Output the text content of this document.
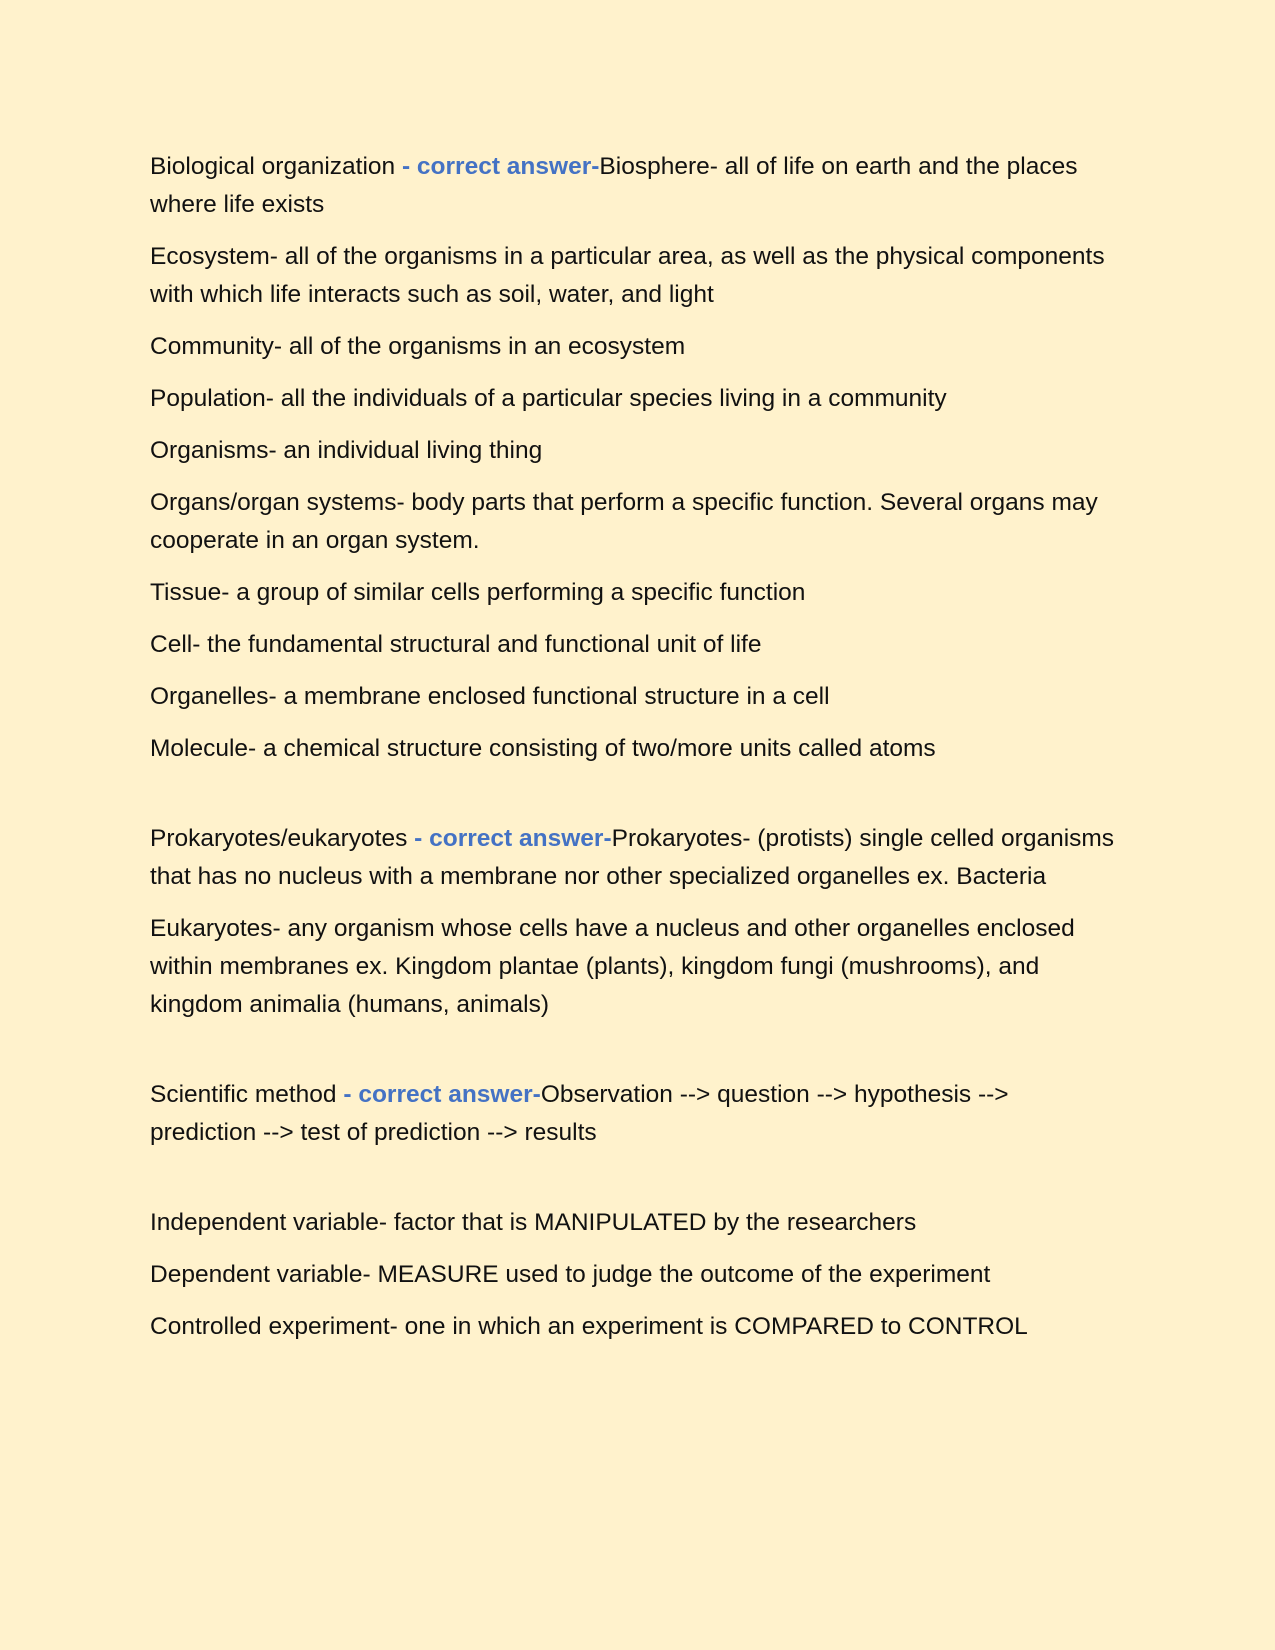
Biological organization - correct answer-Biosphere- all of life on earth and the places where life exists

Ecosystem- all of the organisms in a particular area, as well as the physical components with which life interacts such as soil, water, and light

Community- all of the organisms in an ecosystem

Population- all the individuals of a particular species living in a community

Organisms- an individual living thing

Organs/organ systems- body parts that perform a specific function. Several organs may cooperate in an organ system.

Tissue- a group of similar cells performing a specific function

Cell- the fundamental structural and functional unit of life

Organelles- a membrane enclosed functional structure in a cell

Molecule- a chemical structure consisting of two/more units called atoms

Prokaryotes/eukaryotes - correct answer-Prokaryotes- (protists) single celled organisms that has no nucleus with a membrane nor other specialized organelles ex. Bacteria

Eukaryotes- any organism whose cells have a nucleus and other organelles enclosed within membranes ex. Kingdom plantae (plants), kingdom fungi (mushrooms), and kingdom animalia (humans, animals)

Scientific method - correct answer-Observation --> question --> hypothesis --> prediction --> test of prediction --> results

Independent variable- factor that is MANIPULATED by the researchers

Dependent variable- MEASURE used to judge the outcome of the experiment

Controlled experiment- one in which an experiment is COMPARED to CONTROL
